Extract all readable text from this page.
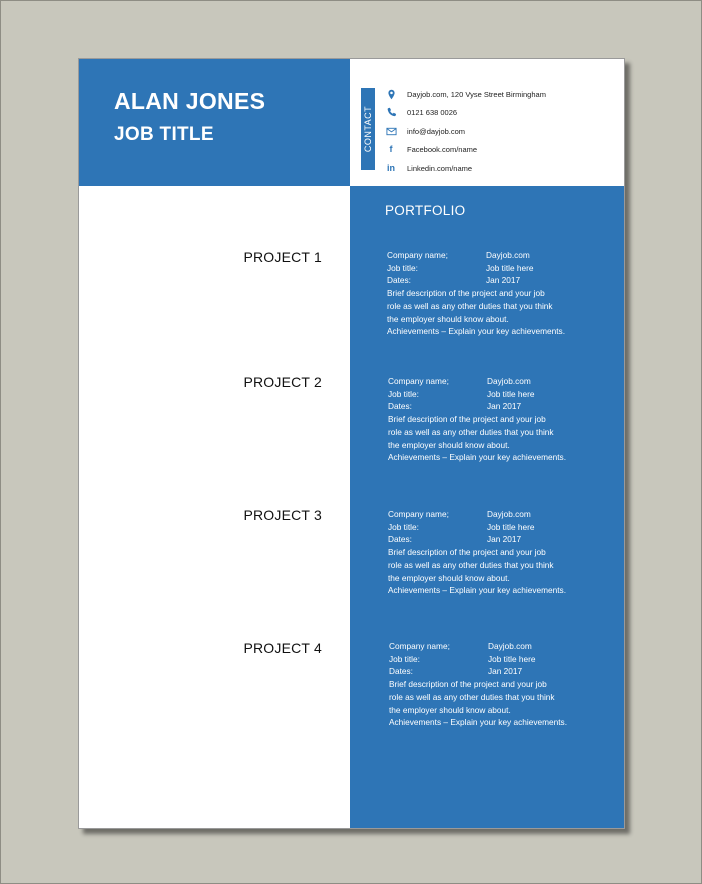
ALAN JONES
JOB TITLE	CONTACT
Dayjob.com, 120 Vyse Street Birmingham
0121 638 0026
info@dayjob.com
f Facebook.com/name
in Linkedin.com/name
PROJECT 1
PROJECT 2
PROJECT 3
PROJECT 4
PORTFOLIO
Company name;	Dayjob.com
Job title:	Job title here
Dates:	Jan 2017
Brief description of the project and your job
role as well as any other duties that you think
the employer should know about.
Achievements – Explain your key achievements.
Company name;	Dayjob.com
Job title:	Job title here
Dates:	Jan 2017
Brief description of the project and your job
role as well as any other duties that you think
the employer should know about.
Achievements – Explain your key achievements.
Company name;	Dayjob.com
Job title:	Job title here
Dates:	Jan 2017
Brief description of the project and your job
role as well as any other duties that you think
the employer should know about.
Achievements – Explain your key achievements.
Company name;	Dayjob.com
Job title:	Job title here
Dates:	Jan 2017
Brief description of the project and your job
role as well as any other duties that you think
the employer should know about.
Achievements – Explain your key achievements.
